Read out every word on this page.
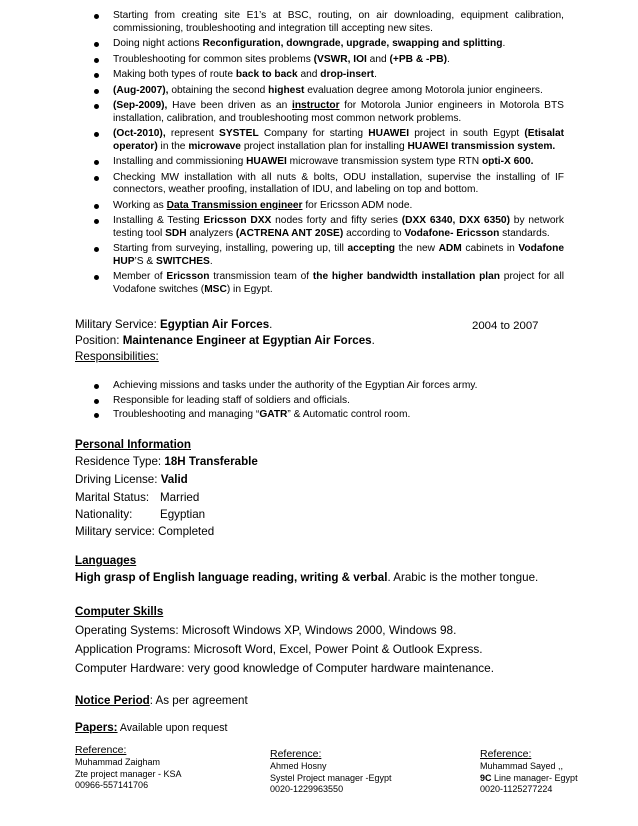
Starting from creating site E1’s at BSC, routing, on air downloading, equipment calibration, commissioning, troubleshooting and integration till accepting new sites.
Doing night actions Reconfiguration, downgrade, upgrade, swapping and splitting.
Troubleshooting for common sites problems (VSWR, IOI and (+PB & -PB).
Making both types of route back to back and drop-insert.
(Aug-2007), obtaining the second highest evaluation degree among Motorola junior engineers.
(Sep-2009), Have been driven as an instructor for Motorola Junior engineers in Motorola BTS installation, calibration, and troubleshooting most common network problems.
(Oct-2010), represent SYSTEL Company for starting HUAWEI project in south Egypt (Etisalat operator) in the microwave project installation plan for installing HUAWEI transmission system.
Installing and commissioning HUAWEI microwave transmission system type RTN opti-X 600.
Checking MW installation with all nuts & bolts, ODU installation, supervise the installing of IF connectors, weather proofing, installation of IDU, and labeling on top and bottom.
Working as Data Transmission engineer for Ericsson ADM node.
Installing & Testing Ericsson DXX nodes forty and fifty series (DXX 6340, DXX 6350) by network testing tool SDH analyzers (ACTRENA ANT 20SE) according to Vodafone- Ericsson standards.
Starting from surveying, installing, powering up, till accepting the new ADM cabinets in Vodafone HUP’S & SWITCHES.
Member of Ericsson transmission team of the higher bandwidth installation plan project for all Vodafone switches (MSC) in Egypt.
Military Service: Egyptian Air Forces.	2004 to 2007
Position: Maintenance Engineer at Egyptian Air Forces.
Responsibilities:
Achieving missions and tasks under the authority of the Egyptian Air forces army.
Responsible for leading staff of soldiers and officials.
Troubleshooting and managing “GATR” & Automatic control room.
Personal Information
Residence Type: 18H Transferable
Driving License: Valid
Marital Status: Married
Nationality: Egyptian
Military service: Completed
Languages
High grasp of English language reading, writing & verbal. Arabic is the mother tongue.
Computer Skills
Operating Systems: Microsoft Windows XP, Windows 2000, Windows 98.
Application Programs: Microsoft Word, Excel, Power Point & Outlook Express.
Computer Hardware: very good knowledge of Computer hardware maintenance.
Notice Period: As per agreement
Papers: Available upon request
Reference:
Muhammad Zaigham
Zte project manager - KSA
00966-557141706
Reference:
Ahmed Hosny
Systel Project manager -Egypt
0020-1229963550
Reference:
Muhammad Sayed ,,
9C Line manager- Egypt
0020-1125277224
